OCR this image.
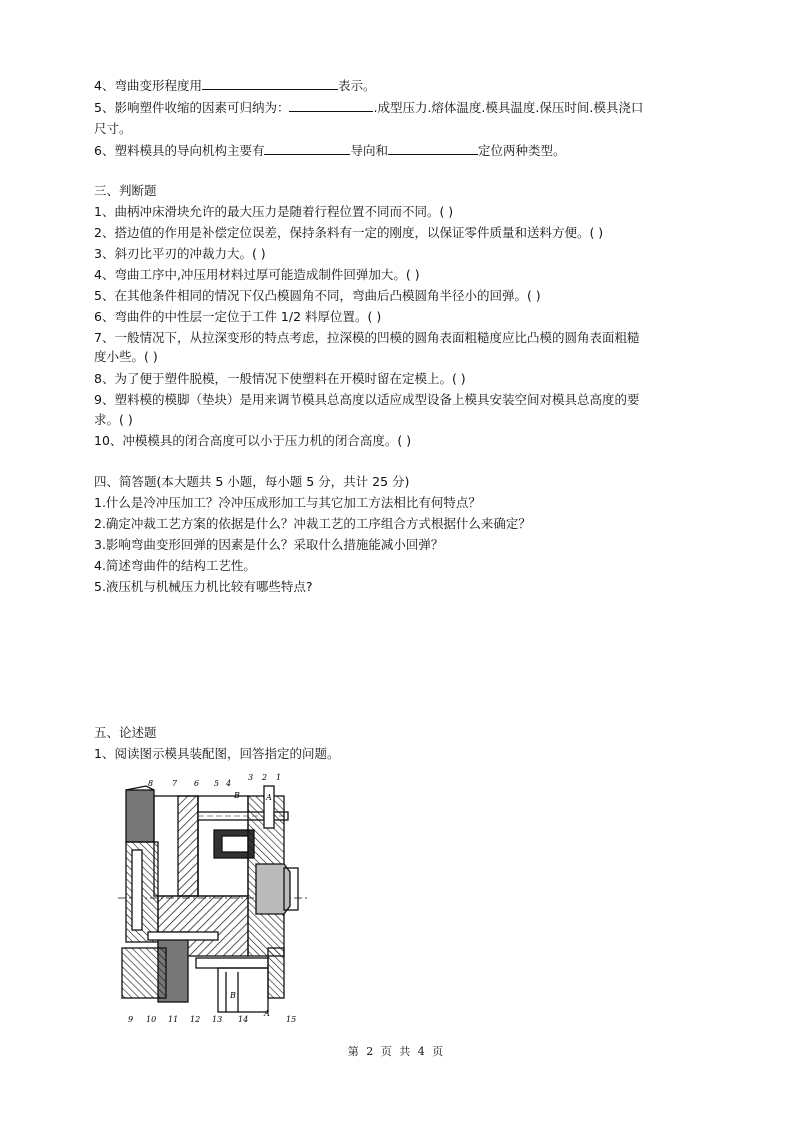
4、弯曲变形程度用	表示。
5、影响塑件收缩的因素可归纳为：	.成型压力.熔体温度.模具温度.保压时间.模具浇口
尺寸。
6、塑料模具的导向机构主要有	导向和	定位两种类型。
三、判断题
1、曲柄冲床滑块允许的最大压力是随着行程位置不同而不同。( )
2、搭边值的作用是补偿定位误差，保持条料有一定的刚度，以保证零件质量和送料方便。( )
3、斜刃比平刃的冲裁力大。( )
4、弯曲工序中,冲压用材料过厚可能造成制件回弹加大。( )
5、在其他条件相同的情况下仅凸模圆角不同，弯曲后凸模圆角半径小的回弹。( )
6、弯曲件的中性层一定位于工件 1/2 料厚位置。( )
7、一般情况下，从拉深变形的特点考虑，拉深模的凹模的圆角表面粗糙度应比凸模的圆角表面粗糙
度小些。( )
8、为了便于塑件脱模，一般情况下使塑料在开模时留在定模上。( )
9、塑料模的模脚（垫块）是用来调节模具总高度以适应成型设备上模具安装空间对模具总高度的要
求。( )
10、冲模模具的闭合高度可以小于压力机的闭合高度。( )
四、简答题(本大题共 5 小题，每小题 5 分，共计 25 分)
1.什么是冷冲压加工？冷冲压成形加工与其它加工方法相比有何特点？
2.确定冲裁工艺方案的依据是什么？冲裁工艺的工序组合方式根据什么来确定？
3.影响弯曲变形回弹的因素是什么？采取什么措施能减小回弹？
4.简述弯曲件的结构工艺性。
5.液压机与机械压力机比较有哪些特点?
五、论述题
1、阅读图示模具装配图，回答指定的问题。
8 7 6 5 4
3 2 1
9 10 11 12 13 14	15
B	A
B
A
第 2 页 共 4 页
